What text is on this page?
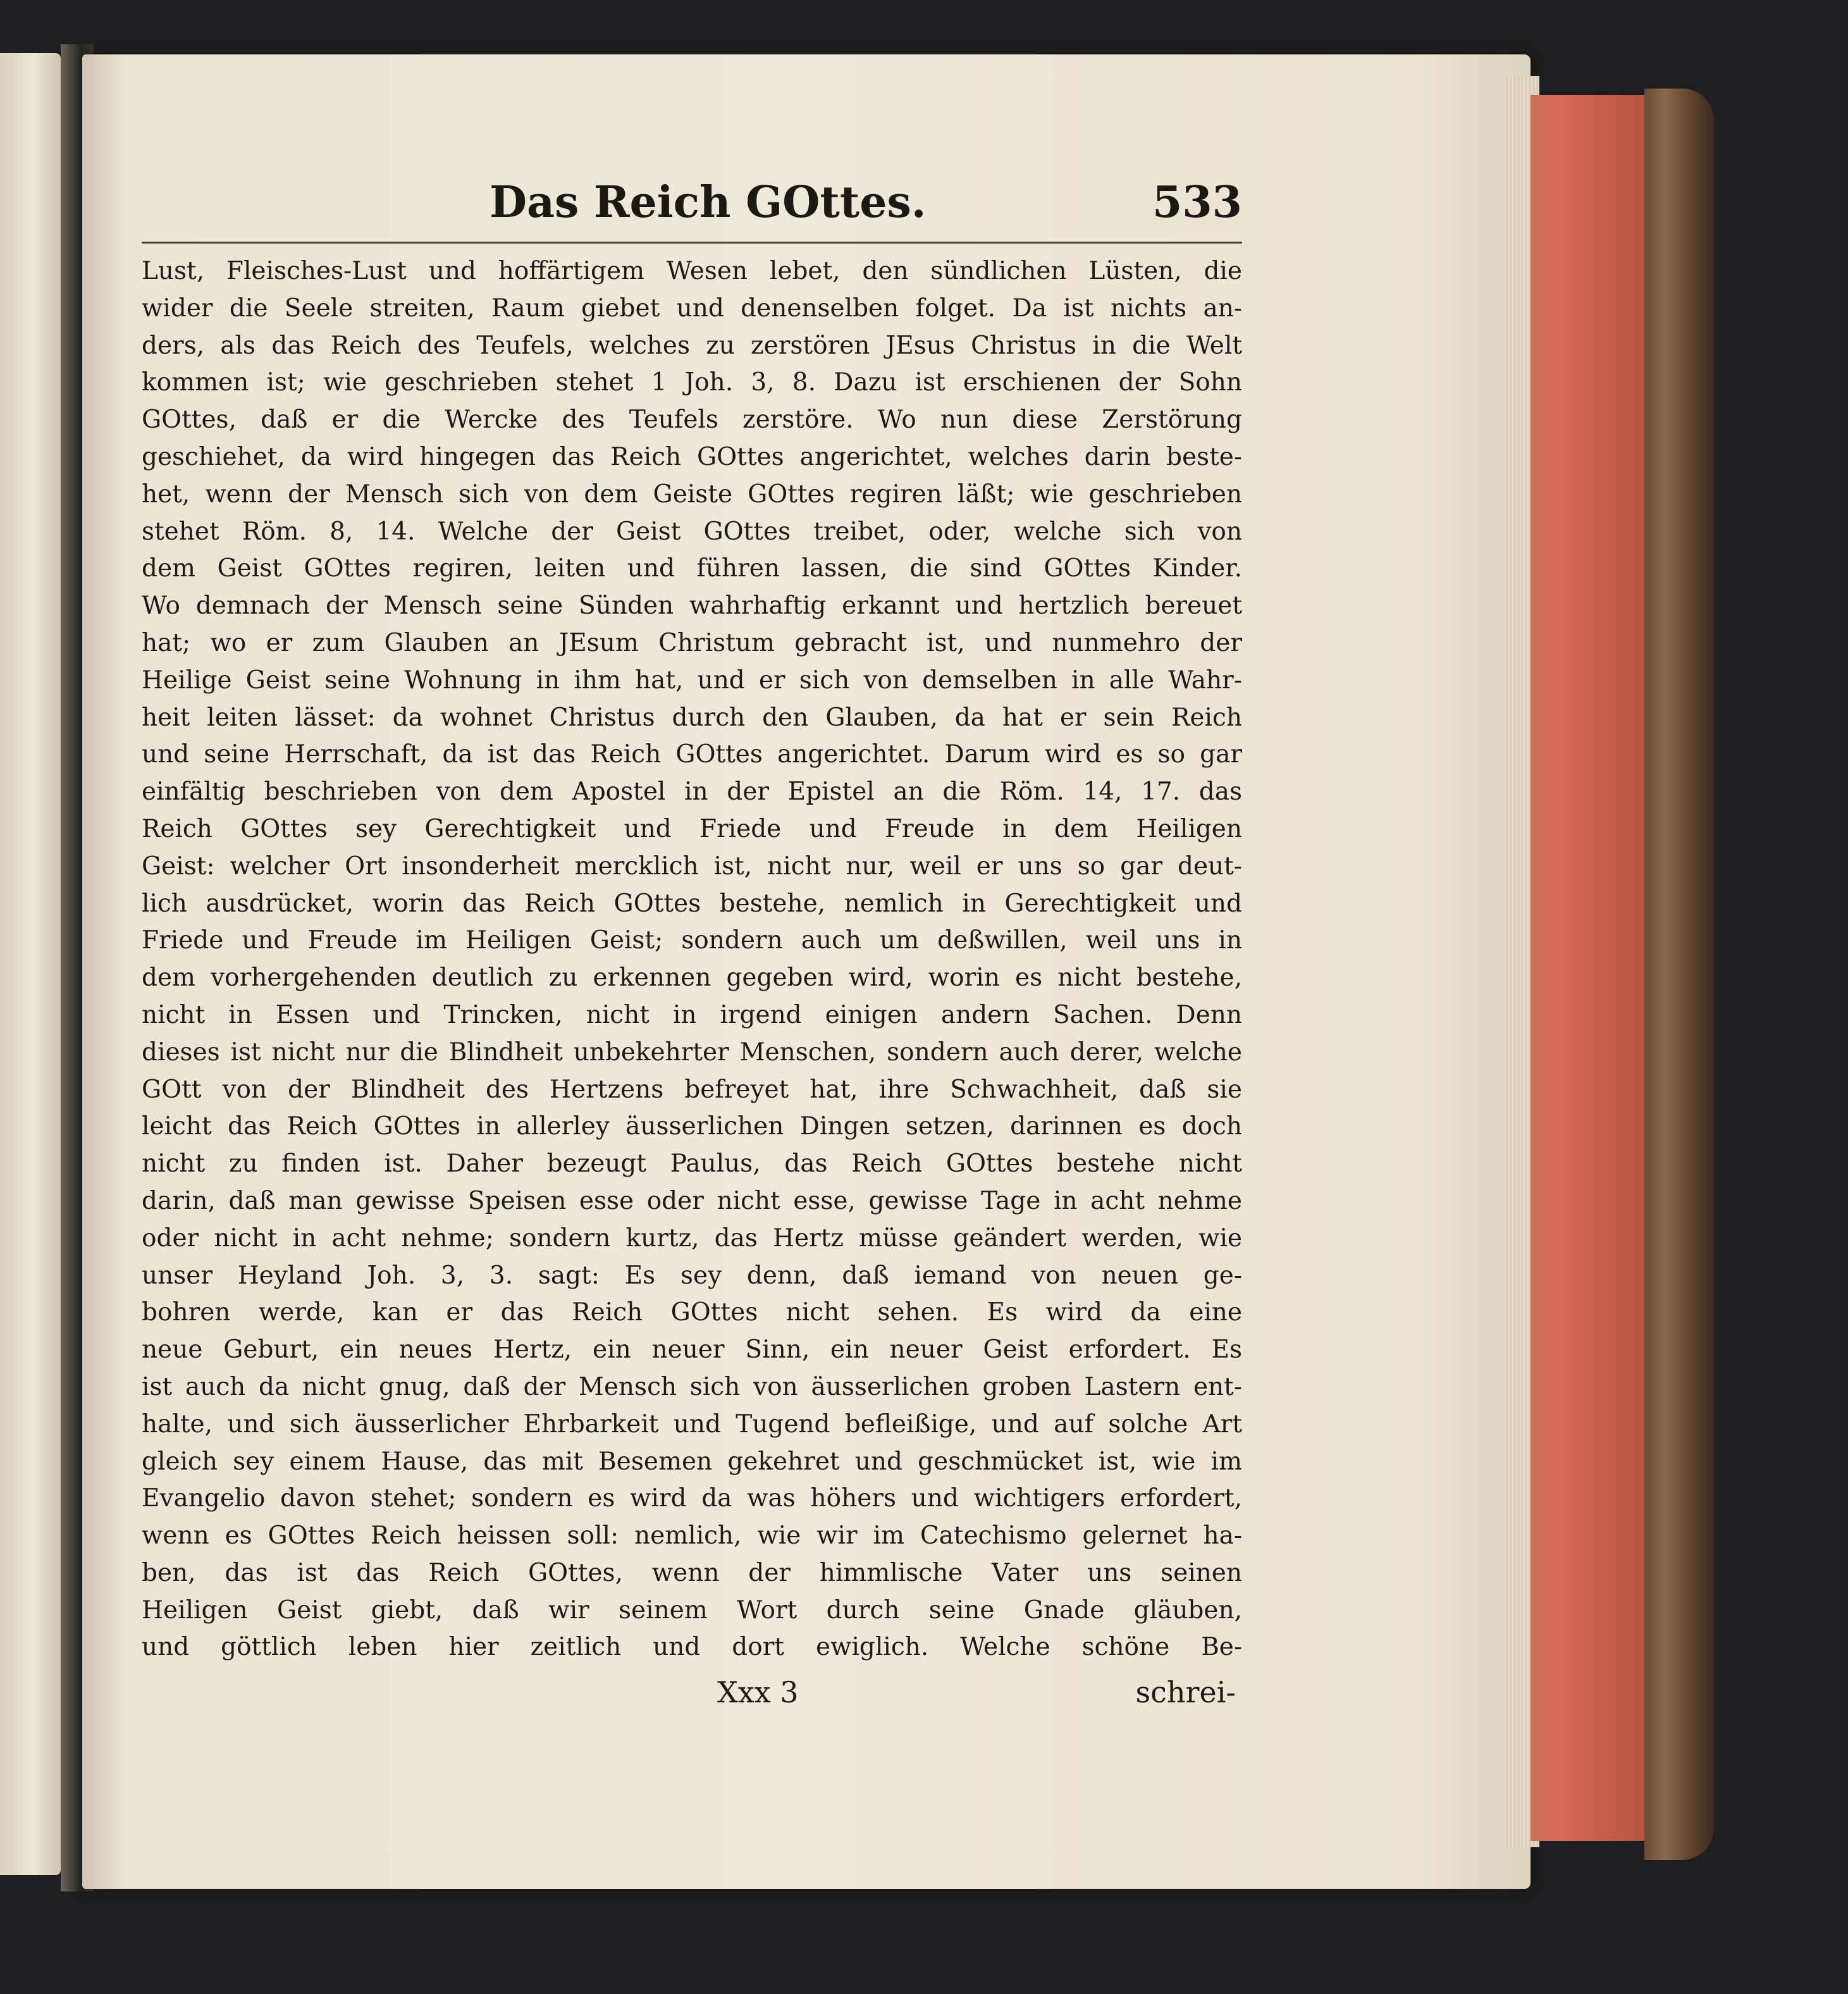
Das Reich GOttes.	533
Lust, Fleisches-Lust und hoffärtigem Wesen lebet, den sündlichen Lüsten, die
wider die Seele streiten, Raum giebet und denenselben folget. Da ist nichts an-
ders, als das Reich des Teufels, welches zu zerstören JEsus Christus in die Welt
kommen ist; wie geschrieben stehet 1 Joh. 3, 8. Dazu ist erschienen der Sohn
GOttes, daß er die Wercke des Teufels zerstöre. Wo nun diese Zerstörung
geschiehet, da wird hingegen das Reich GOttes angerichtet, welches darin beste-
het, wenn der Mensch sich von dem Geiste GOttes regiren läßt; wie geschrieben
stehet Röm. 8, 14. Welche der Geist GOttes treibet, oder, welche sich von
dem Geist GOttes regiren, leiten und führen lassen, die sind GOttes Kinder.
Wo demnach der Mensch seine Sünden wahrhaftig erkannt und hertzlich bereuet
hat; wo er zum Glauben an JEsum Christum gebracht ist, und nunmehro der
Heilige Geist seine Wohnung in ihm hat, und er sich von demselben in alle Wahr-
heit leiten lässet: da wohnet Christus durch den Glauben, da hat er sein Reich
und seine Herrschaft, da ist das Reich GOttes angerichtet. Darum wird es so gar
einfältig beschrieben von dem Apostel in der Epistel an die Röm. 14, 17. das
Reich GOttes sey Gerechtigkeit und Friede und Freude in dem Heiligen
Geist: welcher Ort insonderheit mercklich ist, nicht nur, weil er uns so gar deut-
lich ausdrücket, worin das Reich GOttes bestehe, nemlich in Gerechtigkeit und
Friede und Freude im Heiligen Geist; sondern auch um deßwillen, weil uns in
dem vorhergehenden deutlich zu erkennen gegeben wird, worin es nicht bestehe,
nicht in Essen und Trincken, nicht in irgend einigen andern Sachen. Denn
dieses ist nicht nur die Blindheit unbekehrter Menschen, sondern auch derer, welche
GOtt von der Blindheit des Hertzens befreyet hat, ihre Schwachheit, daß sie
leicht das Reich GOttes in allerley äusserlichen Dingen setzen, darinnen es doch
nicht zu finden ist. Daher bezeugt Paulus, das Reich GOttes bestehe nicht
darin, daß man gewisse Speisen esse oder nicht esse, gewisse Tage in acht nehme
oder nicht in acht nehme; sondern kurtz, das Hertz müsse geändert werden, wie
unser Heyland Joh. 3, 3. sagt: Es sey denn, daß iemand von neuen ge-
bohren werde, kan er das Reich GOttes nicht sehen. Es wird da eine
neue Geburt, ein neues Hertz, ein neuer Sinn, ein neuer Geist erfordert. Es
ist auch da nicht gnug, daß der Mensch sich von äusserlichen groben Lastern ent-
halte, und sich äusserlicher Ehrbarkeit und Tugend befleißige, und auf solche Art
gleich sey einem Hause, das mit Besemen gekehret und geschmücket ist, wie im
Evangelio davon stehet; sondern es wird da was höhers und wichtigers erfordert,
wenn es GOttes Reich heissen soll: nemlich, wie wir im Catechismo gelernet ha-
ben, das ist das Reich GOttes, wenn der himmlische Vater uns seinen
Heiligen Geist giebt, daß wir seinem Wort durch seine Gnade gläuben,
und göttlich leben hier zeitlich und dort ewiglich. Welche schöne Be-
Xxx 3	schrei-
